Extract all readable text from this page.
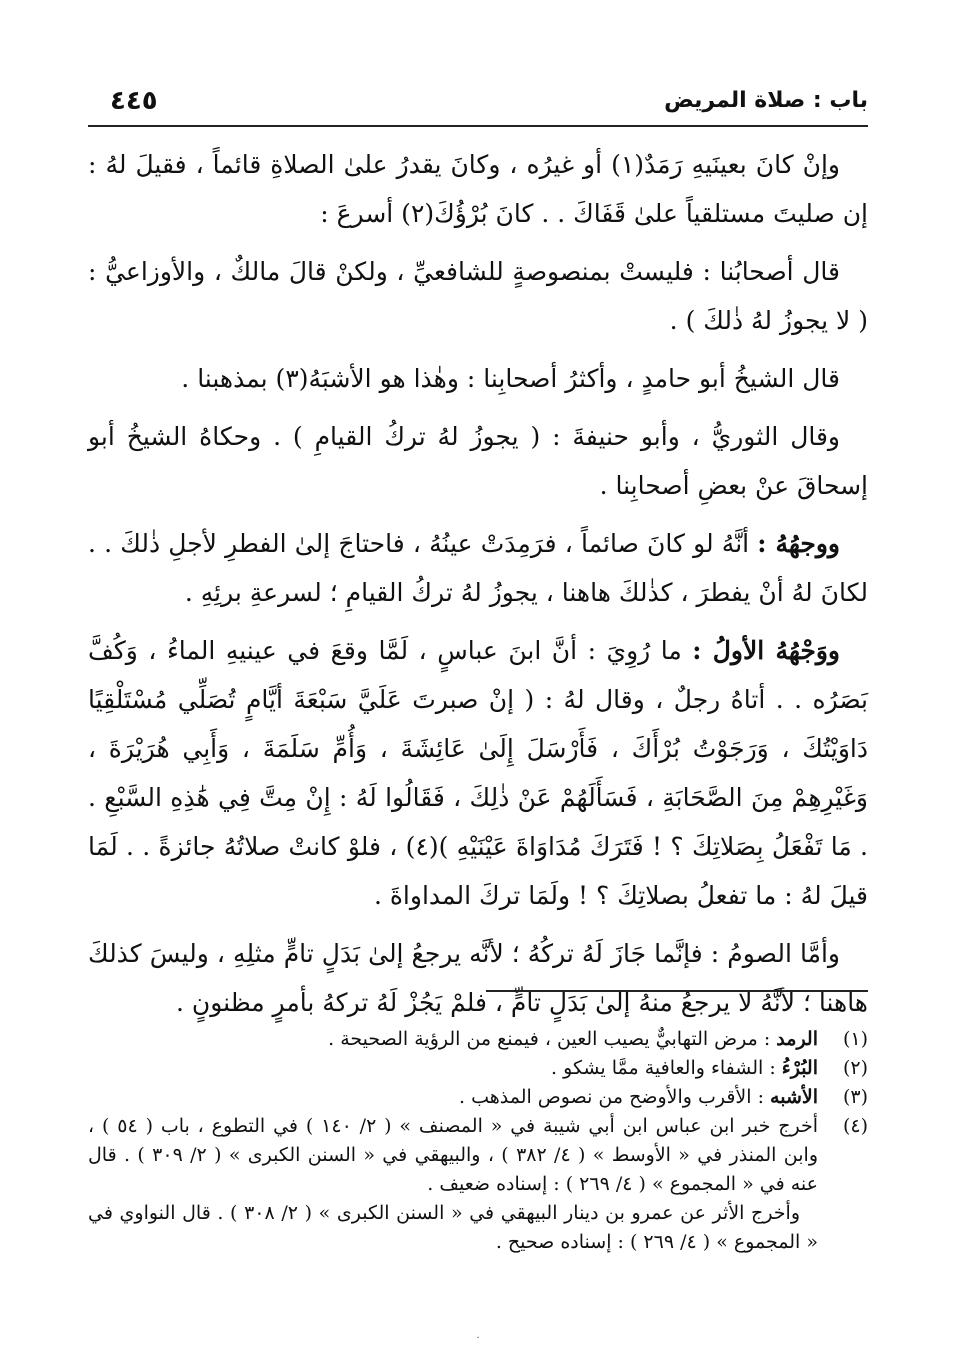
باب : صلاة المريض
٤٤٥

وإنْ كانَ بعينَيهِ رَمَدٌ(١) أو غيرُه ، وكانَ يقدرُ علىٰ الصلاةِ قائماً ، فقيلَ لهُ : إن صليتَ مستلقياً علىٰ قَفَاكَ . . كانَ بُرْؤُكَ(٢) أسرعَ :

قال أصحابُنا : فليستْ بمنصوصةٍ للشافعيِّ ، ولكنْ قالَ مالكٌ ، والأوزاعيُّ : ( لا يجوزُ لهُ ذٰلكَ ) .

قال الشيخُ أبو حامدٍ ، وأكثرُ أصحابِنا : وهٰذا هو الأشبَهُ(٣) بمذهبنا .

وقال الثوريُّ ، وأبو حنيفةَ : ( يجوزُ لهُ تركُ القيامِ ) . وحكاهُ الشيخُ أبو إسحاقَ عنْ بعضِ أصحابِنا .

ووجهُهُ : أنَّهُ لو كانَ صائماً ، فرَمِدَتْ عينُهُ ، فاحتاجَ إلىٰ الفطرِ لأجلِ ذٰلكَ . . لكانَ لهُ أنْ يفطرَ ، كذٰلكَ هاهنا ، يجوزُ لهُ تركُ القيامِ ؛ لسرعةِ برئِهِ .

ووَجْهُهُ الأولُ : ما رُوِيَ : أنَّ ابنَ عباسٍ ، لَمَّا وقعَ في عينيهِ الماءُ ، وَكُفَّ بَصَرُه . . أتاهُ رجلٌ ، وقال لهُ : ( إنْ صبرتَ عَلَيَّ سَبْعَةَ أيَّامٍ تُصَلِّي مُسْتَلْقِيًا دَاوَيْتُكَ ، وَرَجَوْتُ بُرْأَكَ ، فَأَرْسَلَ إِلَىٰ عَائِشَةَ ، وَأُمِّ سَلَمَةَ ، وَأَبِي هُرَيْرَةَ ، وَغَيْرِهِمْ مِنَ الصَّحَابَةِ ، فَسَأَلَهُمْ عَنْ ذٰلِكَ ، فَقَالُوا لَهُ : إِنْ مِتَّ فِي هَٰذِهِ السَّبْعِ . . مَا تَفْعَلُ بِصَلاتِكَ ؟ ! فَتَرَكَ مُدَاوَاةَ عَيْنَيْهِ )(٤) ، فلوْ كانتْ صلاتُهُ جائزةً . . لَمَا قيلَ لهُ : ما تفعلُ بصلاتِكَ ؟ ! ولَمَا تركَ المداواةَ .

وأمَّا الصومُ : فإنَّما جَازَ لَهُ تركُهُ ؛ لأنَّه يرجعُ إلىٰ بَدَلٍ تامٍّ مثلِهِ ، وليسَ كذلكَ هاهنا ؛ لأنَّهُ لا يرجعُ منهُ إلىٰ بَدَلٍ تامٍّ ، فلمْ يَجُزْ لَهُ تركهُ بأمرٍ مظنونٍ .

(١)
الرمد : مرض التهابيٌّ يصيب العين ، فيمنع من الرؤية الصحيحة .
(٢)
البُرْءُ : الشفاء والعافية ممَّا يشكو .
(٣)
الأشبه : الأقرب والأوضح من نصوص المذهب .
(٤)
أخرج خبر ابن عباس ابن أبي شيبة في « المصنف » ( ٢/ ١٤٠ ) في التطوع ، باب ( ٥٤ ) ، وابن المنذر في « الأوسط » ( ٤/ ٣٨٢ ) ، والبيهقي في « السنن الكبرى » ( ٢/ ٣٠٩ ) . قال عنه في « المجموع » ( ٤/ ٢٦٩ ) : إسناده ضعيف .

وأخرج الأثر عن عمرو بن دينار البيهقي في « السنن الكبرى » ( ٢/ ٣٠٨ ) . قال النواوي في « المجموع » ( ٤/ ٢٦٩ ) : إسناده صحيح .

·
